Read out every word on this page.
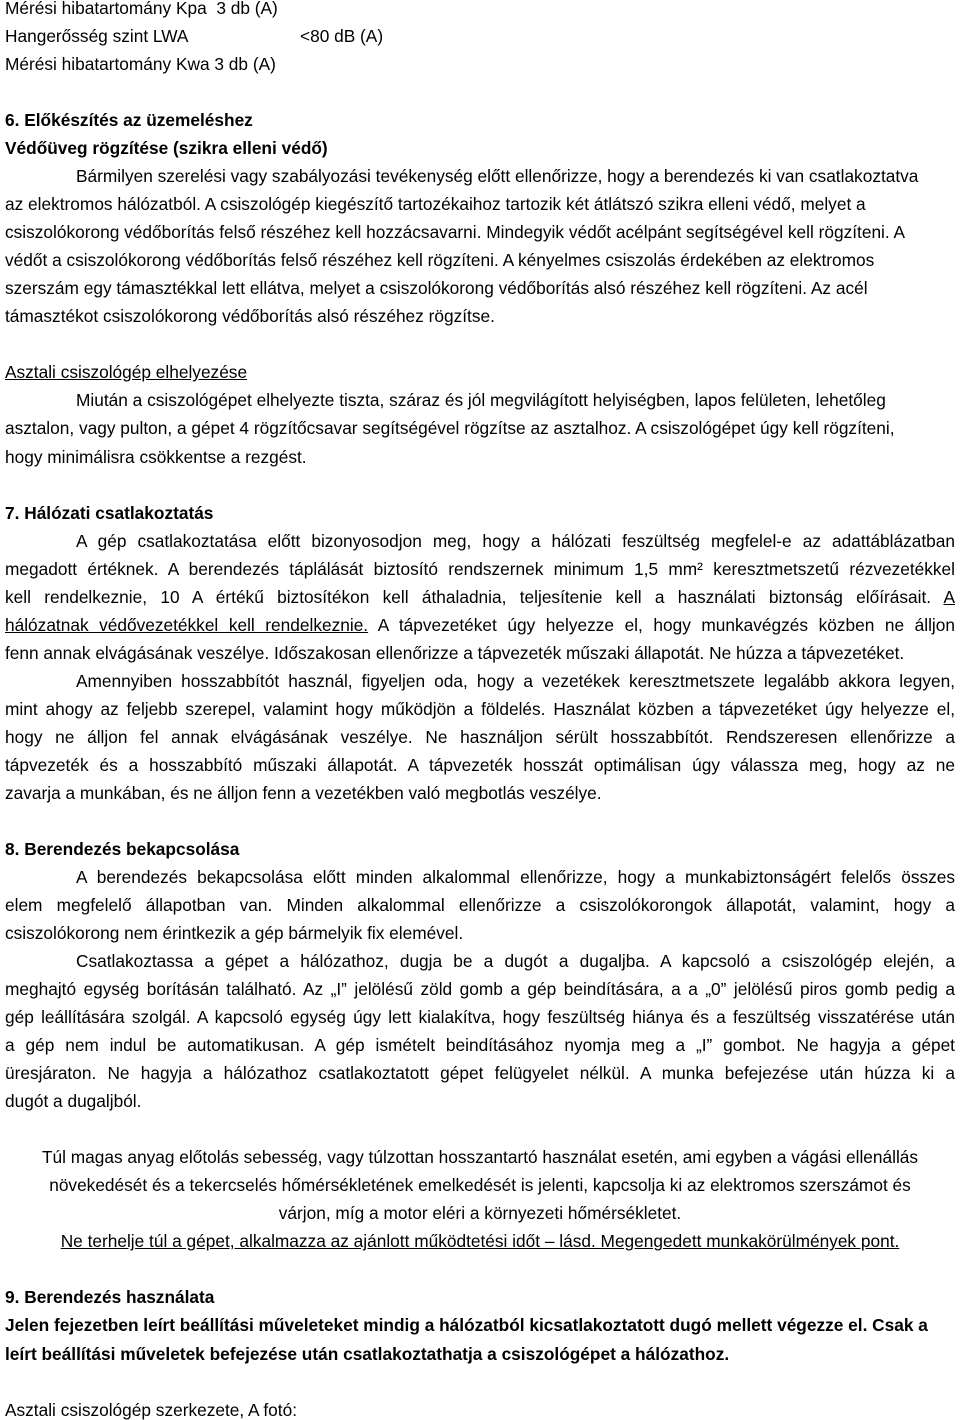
Mérési hibatartomány Kpa  3 db (A)
Hangerősség szint LWA	<80 dB (A)
Mérési hibatartomány Kwa 3 db (A)
6. Előkészítés az üzemeléshez
Védőüveg rögzítése (szikra elleni védő)
Bármilyen szerelési vagy szabályozási tevékenység előtt ellenőrizze, hogy a berendezés ki van csatlakoztatva
az elektromos hálózatból. A csiszológép kiegészítő tartozékaihoz tartozik két átlátszó szikra elleni védő, melyet a
csiszolókorong védőborítás felső részéhez kell hozzácsavarni. Mindegyik védőt acélpánt segítségével kell rögzíteni. A
védőt a csiszolókorong védőborítás felső részéhez kell rögzíteni. A kényelmes csiszolás érdekében az elektromos
szerszám egy támasztékkal lett ellátva, melyet a csiszolókorong védőborítás alsó részéhez kell rögzíteni. Az acél
támasztékot csiszolókorong védőborítás alsó részéhez rögzítse.
Asztali csiszológép elhelyezése
Miután a csiszológépet elhelyezte tiszta, száraz és jól megvilágított helyiségben, lapos felületen, lehetőleg
asztalon, vagy pulton, a gépet 4 rögzítőcsavar segítségével rögzítse az asztalhoz. A csiszológépet úgy kell rögzíteni,
hogy minimálisra csökkentse a rezgést.
7. Hálózati csatlakoztatás
A gép csatlakoztatása előtt bizonyosodjon meg, hogy a hálózati feszültség megfelel-e az adattáblázatban
megadott értéknek. A berendezés táplálását biztosító rendszernek minimum 1,5 mm² keresztmetszetű rézvezetékkel
kell rendelkeznie, 10 A értékű biztosítékon kell áthaladnia, teljesítenie kell a használati biztonság előírásait. A
hálózatnak védővezetékkel kell rendelkeznie. A tápvezetéket úgy helyezze el, hogy munkavégzés közben ne álljon
fenn annak elvágásának veszélye. Időszakosan ellenőrizze a tápvezeték műszaki állapotát. Ne húzza a tápvezetéket.
Amennyiben hosszabbítót használ, figyeljen oda, hogy a vezetékek keresztmetszete legalább akkora legyen,
mint ahogy az feljebb szerepel, valamint hogy működjön a földelés. Használat közben a tápvezetéket úgy helyezze el,
hogy ne álljon fel annak elvágásának veszélye. Ne használjon sérült hosszabbítót. Rendszeresen ellenőrizze a
tápvezeték és a hosszabbító műszaki állapotát. A tápvezeték hosszát optimálisan úgy válassza meg, hogy az ne
zavarja a munkában, és ne álljon fenn a vezetékben való megbotlás veszélye.
8. Berendezés bekapcsolása
A berendezés bekapcsolása előtt minden alkalommal ellenőrizze, hogy a munkabiztonságért felelős összes
elem megfelelő állapotban van. Minden alkalommal ellenőrizze a csiszolókorongok állapotát, valamint, hogy a
csiszolókorong nem érintkezik a gép bármelyik fix elemével.
Csatlakoztassa a gépet a hálózathoz, dugja be a dugót a dugaljba. A kapcsoló a csiszológép elején, a
meghajtó egység borításán található. Az „I” jelölésű zöld gomb a gép beindítására, a a „0” jelölésű piros gomb pedig a
gép leállítására szolgál. A kapcsoló egység úgy lett kialakítva, hogy feszültség hiánya és a feszültség visszatérése után
a gép nem indul be automatikusan. A gép ismételt beindításához nyomja meg a „I” gombot. Ne hagyja a gépet
üresjáraton. Ne hagyja a hálózathoz csatlakoztatott gépet felügyelet nélkül. A munka befejezése után húzza ki a
dugót a dugaljból.
Túl magas anyag előtolás sebesség, vagy túlzottan hosszantartó használat esetén, ami egyben a vágási ellenállás
növekedését és a tekercselés hőmérsékletének emelkedését is jelenti, kapcsolja ki az elektromos szerszámot és
várjon, míg a motor eléri a környezeti hőmérsékletet.
Ne terhelje túl a gépet, alkalmazza az ajánlott működtetési időt – lásd. Megengedett munkakörülmények pont.
9. Berendezés használata
Jelen fejezetben leírt beállítási műveleteket mindig a hálózatból kicsatlakoztatott dugó mellett végezze el. Csak a
leírt beállítási műveletek befejezése után csatlakoztathatja a csiszológépet a hálózathoz.
Asztali csiszológép szerkezete, A fotó:
